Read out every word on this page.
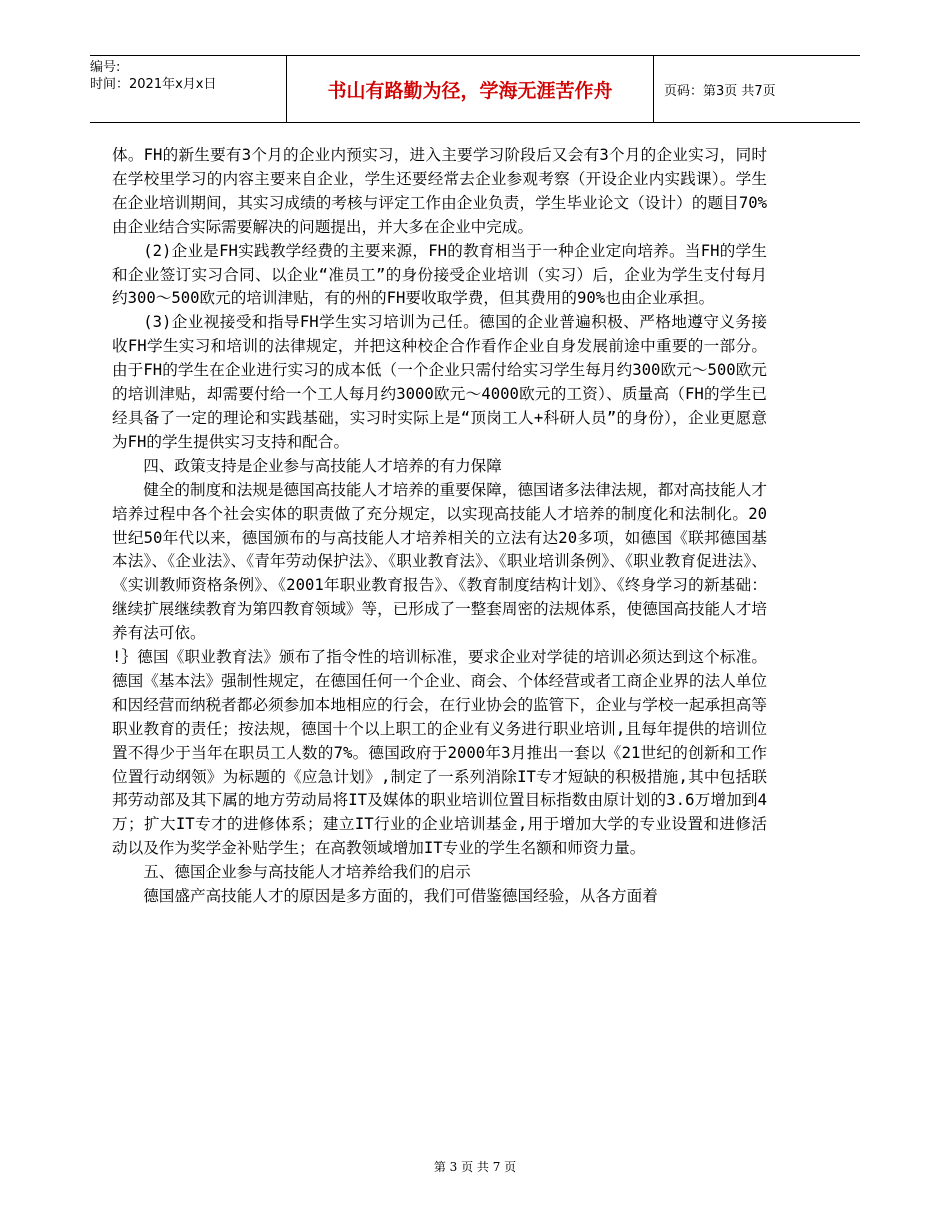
编号:
时间：2021年x月x日	书山有路勤为径，学海无涯苦作舟	页码：第3页 共7页

体。FH的新生要有3个月的企业内预实习，进入主要学习阶段后又会有3个月的企业实习，同时在学校里学习的内容主要来自企业，学生还要经常去企业参观考察（开设企业内实践课）。学生在企业培训期间，其实习成绩的考核与评定工作由企业负责，学生毕业论文（设计）的题目70%由企业结合实际需要解决的问题提出，并大多在企业中完成。

(2)企业是FH实践教学经费的主要来源，FH的教育相当于一种企业定向培养。当FH的学生和企业签订实习合同、以企业“准员工”的身份接受企业培训（实习）后，企业为学生支付每月约300～500欧元的培训津贴，有的州的FH要收取学费，但其费用的90%也由企业承担。

(3)企业视接受和指导FH学生实习培训为己任。德国的企业普遍积极、严格地遵守义务接收FH学生实习和培训的法律规定，并把这种校企合作看作企业自身发展前途中重要的一部分。由于FH的学生在企业进行实习的成本低（一个企业只需付给实习学生每月约300欧元～500欧元的培训津贴，却需要付给一个工人每月约3000欧元～4000欧元的工资）、质量高（FH的学生已经具备了一定的理论和实践基础，实习时实际上是“顶岗工人+科研人员”的身份），企业更愿意为FH的学生提供实习支持和配合。

四、政策支持是企业参与高技能人才培养的有力保障

健全的制度和法规是德国高技能人才培养的重要保障，德国诸多法律法规，都对高技能人才培养过程中各个社会实体的职责做了充分规定，以实现高技能人才培养的制度化和法制化。20世纪50年代以来，德国颁布的与高技能人才培养相关的立法有达20多项，如德国《联邦德国基本法》、《企业法》、《青年劳动保护法》、《职业教育法》、《职业培训条例》、《职业教育促进法》、《实训教师资格条例》、《2001年职业教育报告》、《教育制度结构计划》、《终身学习的新基础：继续扩展继续教育为第四教育领域》等，已形成了一整套周密的法规体系，使德国高技能人才培养有法可依。

!｝德国《职业教育法》颁布了指令性的培训标准，要求企业对学徒的培训必须达到这个标准。德国《基本法》强制性规定，在德国任何一个企业、商会、个体经营或者工商企业界的法人单位和因经营而纳税者都必须参加本地相应的行会，在行业协会的监管下，企业与学校一起承担高等职业教育的责任；按法规，德国十个以上职工的企业有义务进行职业培训,且每年提供的培训位置不得少于当年在职员工人数的7%。德国政府于2000年3月推出一套以《21世纪的创新和工作位置行动纲领》为标题的《应急计划》,制定了一系列消除IT专才短缺的积极措施,其中包括联邦劳动部及其下属的地方劳动局将IT及媒体的职业培训位置目标指数由原计划的3.6万增加到4万；扩大IT专才的进修体系；建立IT行业的企业培训基金,用于增加大学的专业设置和进修活动以及作为奖学金补贴学生；在高教领域增加IT专业的学生名额和师资力量。

五、德国企业参与高技能人才培养给我们的启示

德国盛产高技能人才的原因是多方面的，我们可借鉴德国经验，从各方面着

第 3 页 共 7 页
